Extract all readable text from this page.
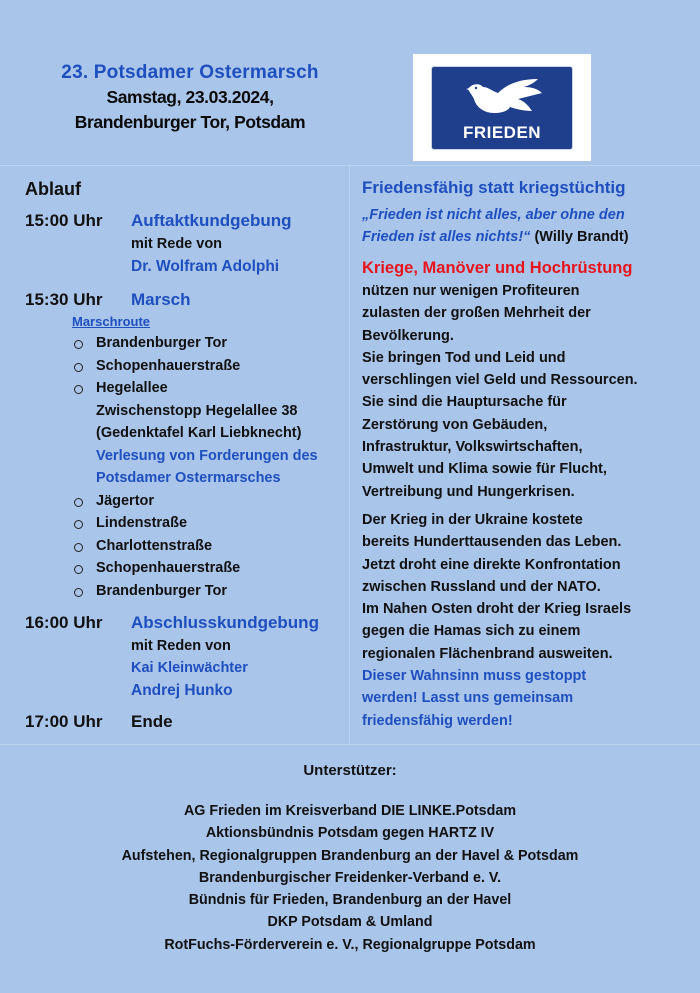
23. Potsdamer Ostermarsch
Samstag, 23.03.2024,
Brandenburger Tor, Potsdam	FRIEDEN
Ablauf
15:00 Uhr	Auftaktkundgebung
mit Rede von
Dr. Wolfram Adolphi
15:30 Uhr	Marsch
Marschroute
Brandenburger Tor
Schopenhauerstraße
Hegelallee
Zwischenstopp Hegelallee 38
(Gedenktafel Karl Liebknecht)
Verlesung von Forderungen des
Potsdamer Ostermarsches
Jägertor
Lindenstraße
Charlottenstraße
Schopenhauerstraße
Brandenburger Tor
16:00 Uhr	Abschlusskundgebung
mit Reden von
Kai Kleinwächter
Andrej Hunko
17:00 Uhr	Ende
Friedensfähig statt kriegstüchtig
„Frieden ist nicht alles, aber ohne den
Frieden ist alles nichts!“ (Willy Brandt)
Kriege, Manöver und Hochrüstung
nützen nur wenigen Profiteuren
zulasten der großen Mehrheit der
Bevölkerung.
Sie bringen Tod und Leid und
verschlingen viel Geld und Ressourcen.
Sie sind die Hauptursache für
Zerstörung von Gebäuden,
Infrastruktur, Volkswirtschaften,
Umwelt und Klima sowie für Flucht,
Vertreibung und Hungerkrisen.
Der Krieg in der Ukraine kostete
bereits Hunderttausenden das Leben.
Jetzt droht eine direkte Konfrontation
zwischen Russland und der NATO.
Im Nahen Osten droht der Krieg Israels
gegen die Hamas sich zu einem
regionalen Flächenbrand ausweiten.
Dieser Wahnsinn muss gestoppt
werden! Lasst uns gemeinsam
friedensfähig werden!
Unterstützer:
AG Frieden im Kreisverband DIE LINKE.Potsdam
Aktionsbündnis Potsdam gegen HARTZ IV
Aufstehen, Regionalgruppen Brandenburg an der Havel & Potsdam
Brandenburgischer Freidenker-Verband e. V.
Bündnis für Frieden, Brandenburg an der Havel
DKP Potsdam & Umland
RotFuchs-Förderverein e. V., Regionalgruppe Potsdam
